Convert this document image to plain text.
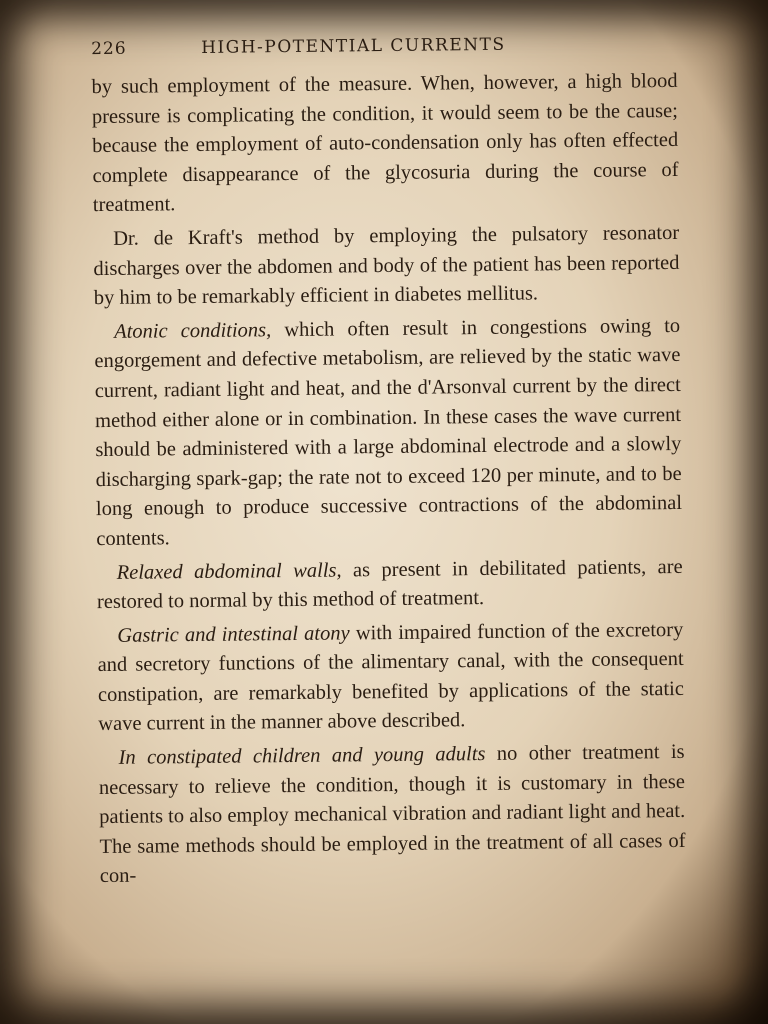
226	HIGH-POTENTIAL CURRENTS

by such employment of the measure. When, however, a high blood pressure is complicating the condition, it would seem to be the cause; because the employment of auto-condensation only has often effected complete disappearance of the glycosuria during the course of treatment.

Dr. de Kraft's method by employing the pulsatory resonator discharges over the abdomen and body of the patient has been reported by him to be remarkably efficient in diabetes mellitus.

Atonic conditions, which often result in congestions owing to engorgement and defective metabolism, are relieved by the static wave current, radiant light and heat, and the d'Arsonval current by the direct method either alone or in combination. In these cases the wave current should be administered with a large abdominal electrode and a slowly discharging spark-gap; the rate not to exceed 120 per minute, and to be long enough to produce successive contractions of the abdominal contents.

Relaxed abdominal walls, as present in debilitated patients, are restored to normal by this method of treatment.

Gastric and intestinal atony with impaired function of the excretory and secretory functions of the alimentary canal, with the consequent constipation, are remarkably benefited by applications of the static wave current in the manner above described.

In constipated children and young adults no other treatment is necessary to relieve the condition, though it is customary in these patients to also employ mechanical vibration and radiant light and heat. The same methods should be employed in the treatment of all cases of con-
